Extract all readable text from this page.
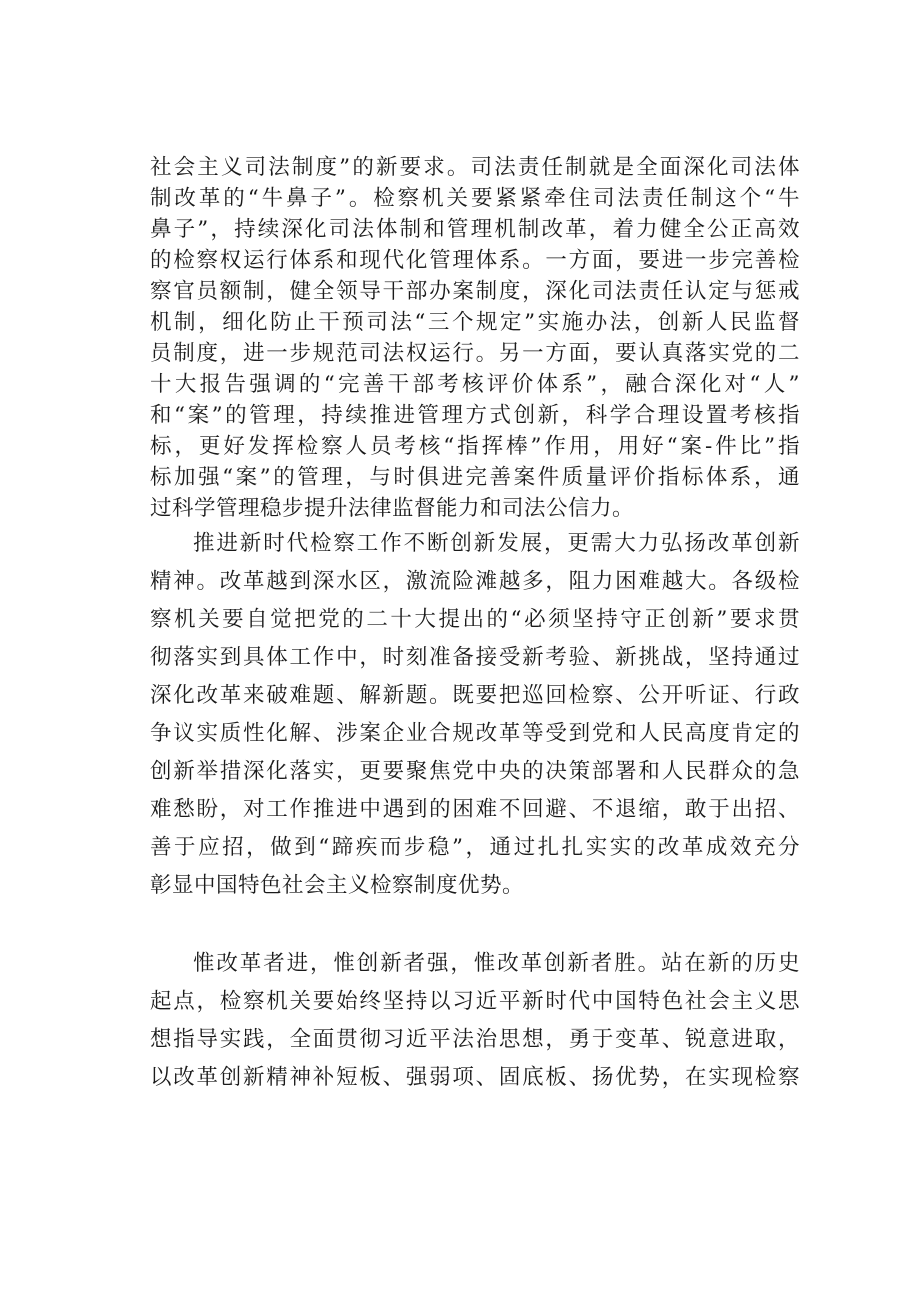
社会主义司法制度”的新要求。司法责任制就是全面深化司法体
制改革的“牛鼻子”。检察机关要紧紧牵住司法责任制这个“牛
鼻子”，持续深化司法体制和管理机制改革，着力健全公正高效
的检察权运行体系和现代化管理体系。一方面，要进一步完善检
察官员额制，健全领导干部办案制度，深化司法责任认定与惩戒
机制，细化防止干预司法“三个规定”实施办法，创新人民监督
员制度，进一步规范司法权运行。另一方面，要认真落实党的二
十大报告强调的“完善干部考核评价体系”，融合深化对“人”
和“案”的管理，持续推进管理方式创新，科学合理设置考核指
标，更好发挥检察人员考核“指挥棒”作用，用好“案-件比”指
标加强“案”的管理，与时俱进完善案件质量评价指标体系，通
过科学管理稳步提升法律监督能力和司法公信力。
推进新时代检察工作不断创新发展，更需大力弘扬改革创新
精神。改革越到深水区，激流险滩越多，阻力困难越大。各级检
察机关要自觉把党的二十大提出的“必须坚持守正创新”要求贯
彻落实到具体工作中，时刻准备接受新考验、新挑战，坚持通过
深化改革来破难题、解新题。既要把巡回检察、公开听证、行政
争议实质性化解、涉案企业合规改革等受到党和人民高度肯定的
创新举措深化落实，更要聚焦党中央的决策部署和人民群众的急
难愁盼，对工作推进中遇到的困难不回避、不退缩，敢于出招、
善于应招，做到“蹄疾而步稳”，通过扎扎实实的改革成效充分
彰显中国特色社会主义检察制度优势。
惟改革者进，惟创新者强，惟改革创新者胜。站在新的历史
起点，检察机关要始终坚持以习近平新时代中国特色社会主义思
想指导实践，全面贯彻习近平法治思想，勇于变革、锐意进取，
以改革创新精神补短板、强弱项、固底板、扬优势，在实现检察
